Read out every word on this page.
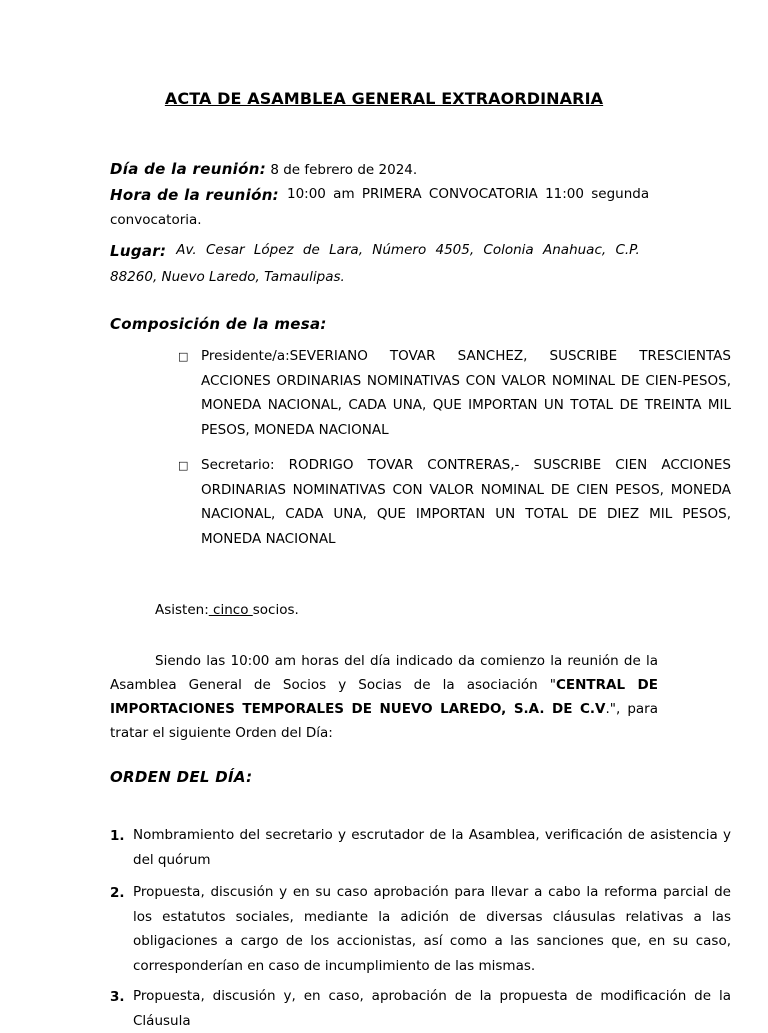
ACTA DE ASAMBLEA GENERAL EXTRAORDINARIA
Día de la reunión: 8 de febrero de 2024.
Hora de la reunión: 10:00 am PRIMERA CONVOCATORIA 11:00 segunda
convocatoria.
Lugar: Av. Cesar López de Lara, Número 4505, Colonia Anahuac, C.P.
88260, Nuevo Laredo, Tamaulipas.
Composición de la mesa:
□ Presidente/a:SEVERIANO TOVAR SANCHEZ, SUSCRIBE TRESCIENTAS ACCIONES ORDINARIAS NOMINATIVAS CON VALOR NOMINAL DE CIEN-PESOS, MONEDA NACIONAL, CADA UNA, QUE IMPORTAN UN TOTAL DE TREINTA MIL PESOS, MONEDA NACIONAL
□ Secretario: RODRIGO TOVAR CONTRERAS,- SUSCRIBE CIEN ACCIONES ORDINARIAS NOMINATIVAS CON VALOR NOMINAL DE CIEN PESOS, MONEDA NACIONAL, CADA UNA, QUE IMPORTAN UN TOTAL DE DIEZ MIL PESOS, MONEDA NACIONAL
Asisten: cinco socios.
Siendo las 10:00 am horas del día indicado da comienzo la reunión de la Asamblea General de Socios y Socias de la asociación "CENTRAL DE IMPORTACIONES TEMPORALES DE NUEVO LAREDO, S.A. DE C.V.", para tratar el siguiente Orden del Día:
ORDEN DEL DÍA:
1. Nombramiento del secretario y escrutador de la Asamblea, verificación de asistencia y del quórum
2. Propuesta, discusión y en su caso aprobación para llevar a cabo la reforma parcial de los estatutos sociales, mediante la adición de diversas cláusulas relativas a las obligaciones a cargo de los accionistas, así como a las sanciones que, en su caso, corresponderían en caso de incumplimiento de las mismas.
3. Propuesta, discusión y, en caso, aprobación de la propuesta de modificación de la Cláusula
